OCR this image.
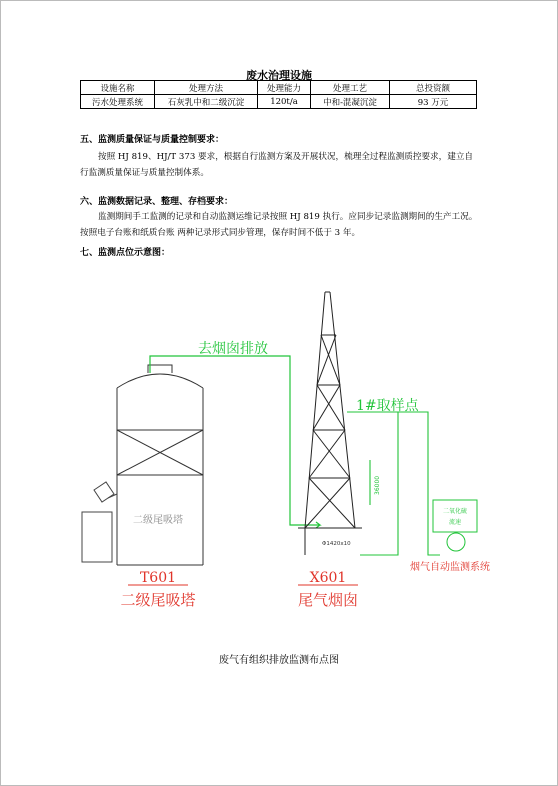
废水治理设施
设施名称	处理方法	处理能力	处理工艺	总投资额
污水处理系统	石灰乳中和二级沉淀	120t/a	中和-混凝沉淀	93 万元
五、监测质量保证与质量控制要求：
按照 HJ 819、HJ/T 373 要求，根据自行监测方案及开展状况，梳理全过程监测质控要求，建立自行监测质量保证与质量控制体系。
六、监测数据记录、整理、存档要求：
监测期间手工监测的记录和自动监测运维记录按照 HJ 819 执行。应同步记录监测期间的生产工况。按照电子台账和纸质台账 两种记录形式同步管理，保存时间不低于 3 年。
七、监测点位示意图：
去烟囱排放
1#取样点
二级尾吸塔
Φ1420x10
36000
二氧化硫
流速
烟气自动监测系统
T601
二级尾吸塔
X601
尾气烟囱
废气有组织排放监测布点图
